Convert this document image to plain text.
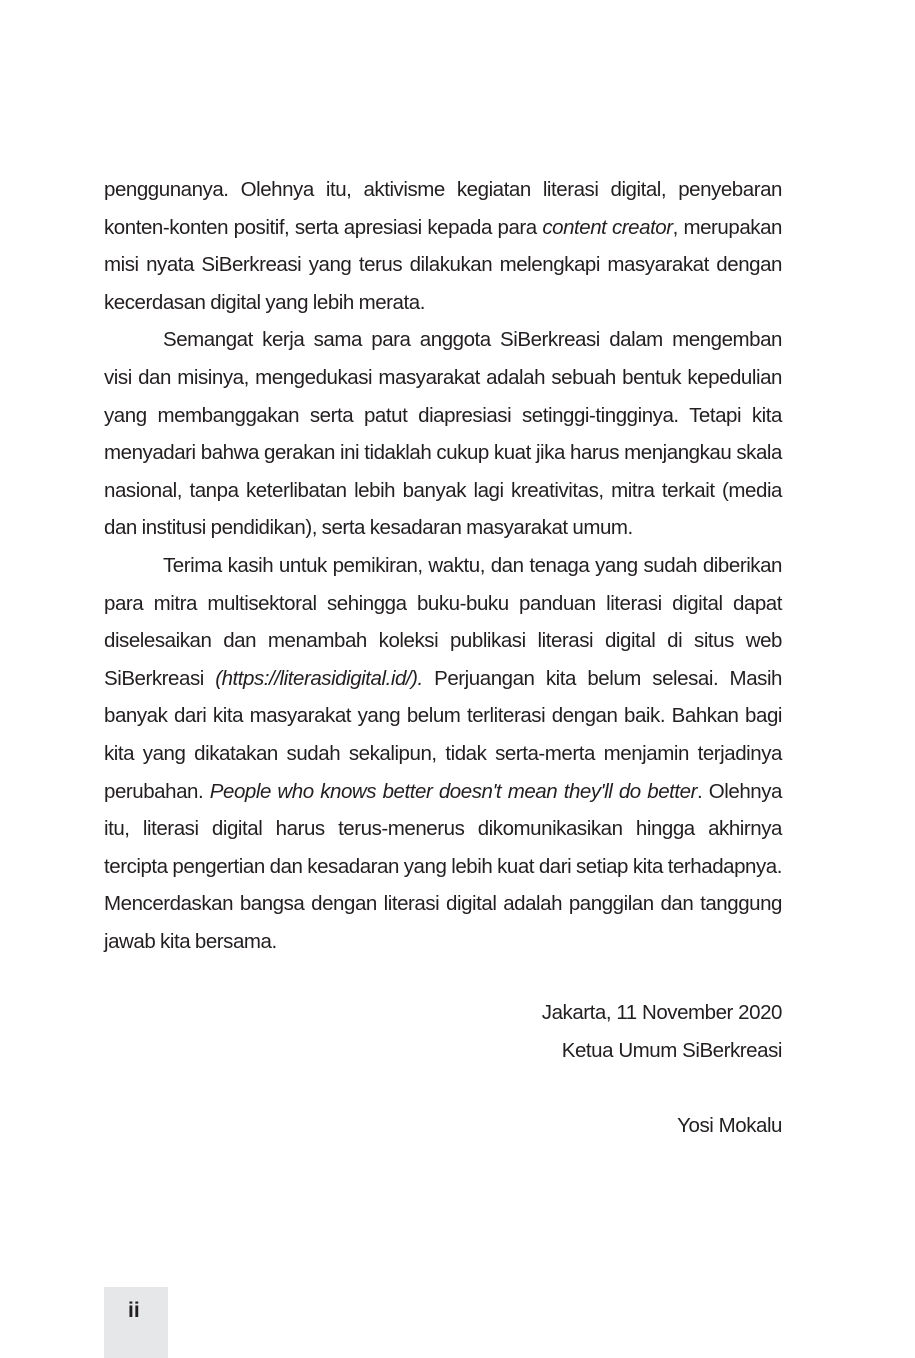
penggunanya. Olehnya itu, aktivisme kegiatan literasi digital, penyebaran konten-konten positif, serta apresiasi kepada para content creator, merupakan misi nyata SiBerkreasi yang terus dilakukan melengkapi masyarakat dengan kecerdasan digital yang lebih merata.

Semangat kerja sama para anggota SiBerkreasi dalam mengemban visi dan misinya, mengedukasi masyarakat adalah sebuah bentuk kepedulian yang membanggakan serta patut diapresiasi setinggi-tingginya. Tetapi kita menyadari bahwa gerakan ini tidaklah cukup kuat jika harus menjangkau skala nasional, tanpa keterlibatan lebih banyak lagi kreativitas, mitra terkait (media dan institusi pendidikan), serta kesadaran masyarakat umum.

Terima kasih untuk pemikiran, waktu, dan tenaga yang sudah diberikan para mitra multisektoral sehingga buku-buku panduan literasi digital dapat diselesaikan dan menambah koleksi publikasi literasi digital di situs web SiBerkreasi (https://literasidigital.id/). Perjuangan kita belum selesai. Masih banyak dari kita masyarakat yang belum terliterasi dengan baik. Bahkan bagi kita yang dikatakan sudah sekalipun, tidak serta-merta menjamin terjadinya perubahan. People who knows better doesn't mean they'll do better. Olehnya itu, literasi digital harus terus-menerus dikomunikasikan hingga akhirnya tercipta pengertian dan kesadaran yang lebih kuat dari setiap kita terhadapnya. Mencerdaskan bangsa dengan literasi digital adalah panggilan dan tanggung jawab kita bersama.

Jakarta, 11 November 2020
Ketua Umum SiBerkreasi
Yosi Mokalu
ii
